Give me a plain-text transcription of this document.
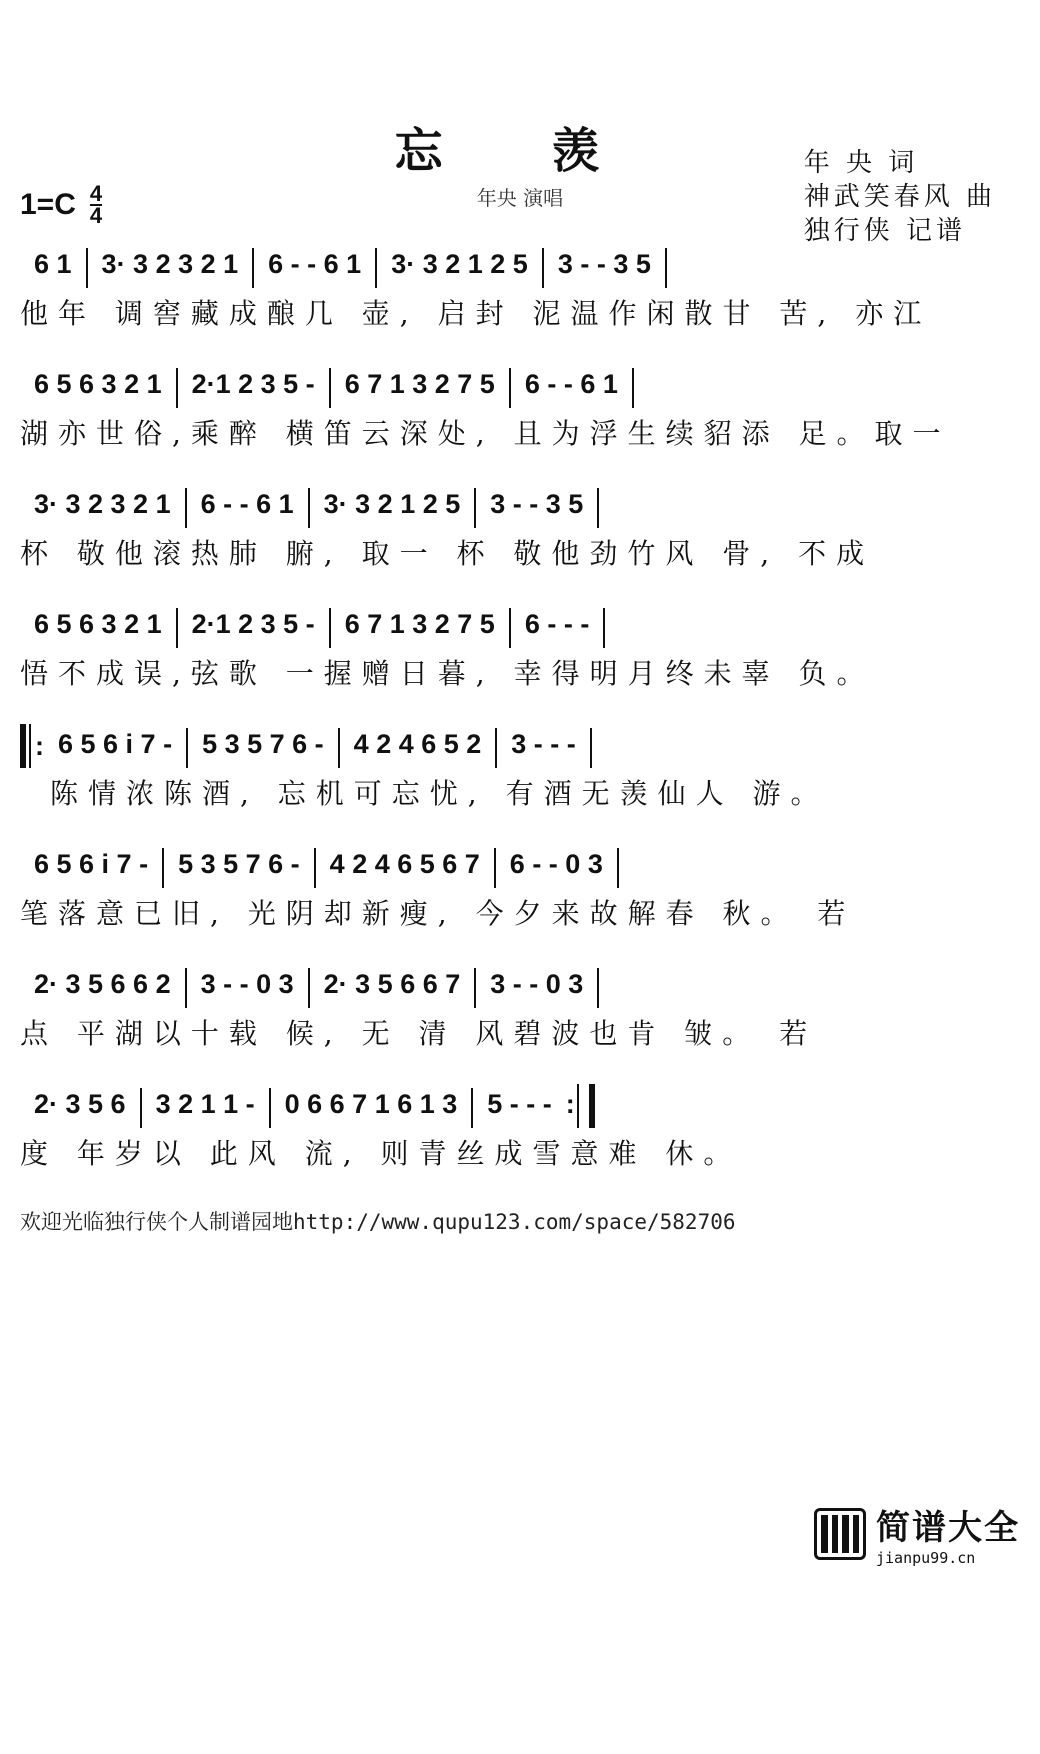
忘 羡
年央 演唱
$1=C \frac{4}{4}$
年 央 词
神武笑春风 曲
独行侠 记谱
6 1	3· 3 2 3 2 1	6 - - 6 1	3· 3 2 1 2 5	3 - - 3 5
他年 调窖藏成酿几 壶, 启封 泥温作闲散甘 苦, 亦江
6 5 6 3 2 1	2·1 2 3 5 -	6 7 1 3 2 7 5	6 - - 6 1
湖亦世俗,乘醉 横笛云深处, 且为浮生续貂添 足。取一
3· 3 2 3 2 1	6 - - 6 1	3· 3 2 1 2 5	3 - - 3 5
杯 敬他滚热肺 腑, 取一 杯 敬他劲竹风 骨, 不成
6 5 6 3 2 1	2·1 2 3 5 -	6 7 1 3 2 7 5	6 - - -
悟不成误,弦歌 一握赠日暮, 幸得明月终未辜 负。
: 6 5 6 i 7 -	5 3 5 7 6 -	4 2 4 6 5 2	3 - - -
陈情浓陈酒, 忘机可忘忧, 有酒无羡仙人 游。
6 5 6 i 7 -	5 3 5 7 6 -	4 2 4 6 5 6 7	6 - - 0 3
笔落意已旧, 光阴却新瘦, 今夕来故解春 秋。 若
2· 3 5 6 6 2	3 - - 0 3	2· 3 5 6 6 7	3 - - 0 3
点 平湖以十载 候, 无 清 风碧波也肯 皱。 若
2· 3 5 6	3 2 1 1 -	0 6 6 7 1 6 1 3	5 - - - :
度 年岁以 此风 流, 则青丝成雪意难 休。
欢迎光临独行侠个人制谱园地http://www.qupu123.com/space/582706
简谱大全
jianpu99.cn
